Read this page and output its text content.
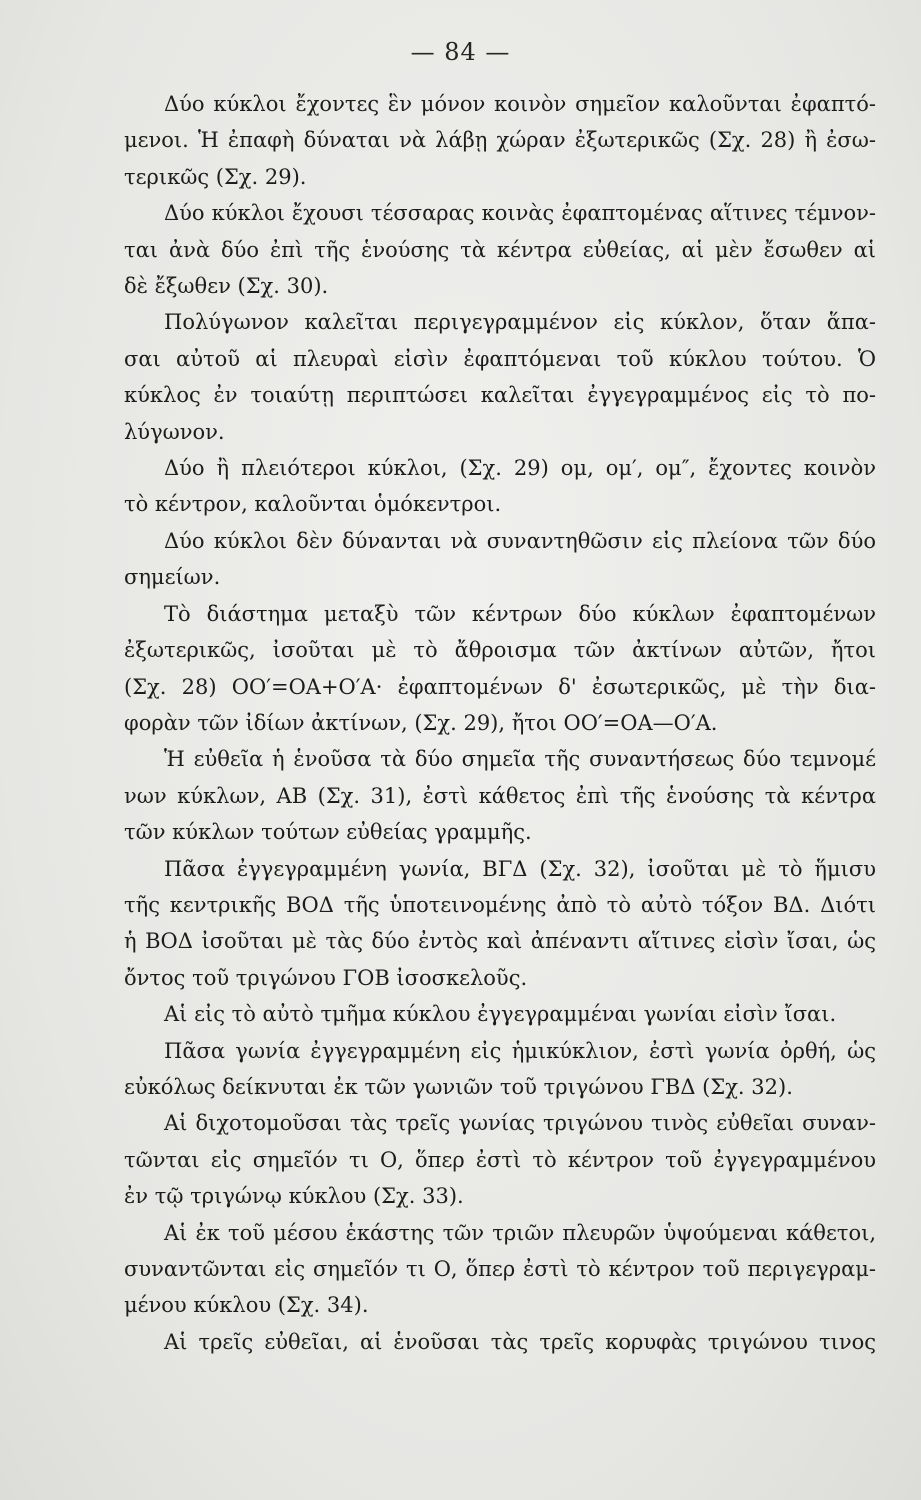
— 84 —

Δύο κύκλοι ἔχοντες ἓν μόνον κοινὸν σημεῖον καλοῦνται ἐφαπτό-

μενοι. Ἡ ἐπαφὴ δύναται νὰ λάβῃ χώραν ἐξωτερικῶς (Σχ. 28) ἢ ἐσω-

τερικῶς (Σχ. 29).

Δύο κύκλοι ἔχουσι τέσσαρας κοινὰς ἐφαπτομένας αἵτινες τέμνον-

ται ἀνὰ δύο ἐπὶ τῆς ἑνούσης τὰ κέντρα εὐθείας, αἱ μὲν ἔσωθεν αἱ

δὲ ἔξωθεν (Σχ. 30).

Πολύγωνον καλεῖται περιγεγραμμένον εἰς κύκλον, ὅταν ἅπα-

σαι αὐτοῦ αἱ πλευραὶ εἰσὶν ἐφαπτόμεναι τοῦ κύκλου τούτου. Ὁ

κύκλος ἐν τοιαύτῃ περιπτώσει καλεῖται ἐγγεγραμμένος εἰς τὸ πο-

λύγωνον.

Δύο ἢ πλειότεροι κύκλοι, (Σχ. 29) ομ, ομ′, ομ″, ἔχοντες κοινὸν

τὸ κέντρον, καλοῦνται ὁμόκεντροι.

Δύο κύκλοι δὲν δύνανται νὰ συναντηθῶσιν εἰς πλείονα τῶν δύο

σημείων.

Τὸ διάστημα μεταξὺ τῶν κέντρων δύο κύκλων ἐφαπτομένων

ἐξωτερικῶς, ἰσοῦται μὲ τὸ ἄθροισμα τῶν ἀκτίνων αὐτῶν, ἤτοι

(Σχ. 28) ΟΟ′=ΟΑ+Ο′Α· ἐφαπτομένων δ' ἐσωτερικῶς, μὲ τὴν δια-

φορὰν τῶν ἰδίων ἀκτίνων, (Σχ. 29), ἤτοι ΟΟ′=ΟΑ—Ο′Α.

Ἡ εὐθεῖα ἡ ἑνοῦσα τὰ δύο σημεῖα τῆς συναντήσεως δύο τεμνομέ

νων κύκλων, ΑΒ (Σχ. 31), ἐστὶ κάθετος ἐπὶ τῆς ἑνούσης τὰ κέντρα

τῶν κύκλων τούτων εὐθείας γραμμῆς.

Πᾶσα ἐγγεγραμμένη γωνία, ΒΓΔ (Σχ. 32), ἰσοῦται μὲ τὸ ἥμισυ

τῆς κεντρικῆς ΒΟΔ τῆς ὑποτεινομένης ἀπὸ τὸ αὐτὸ τόξον ΒΔ. Διότι

ἡ ΒΟΔ ἰσοῦται μὲ τὰς δύο ἐντὸς καὶ ἀπέναντι αἵτινες εἰσὶν ἴσαι, ὡς

ὄντος τοῦ τριγώνου ΓΟΒ ἰσοσκελοῦς.

Αἱ εἰς τὸ αὐτὸ τμῆμα κύκλου ἐγγεγραμμέναι γωνίαι εἰσὶν ἴσαι.

Πᾶσα γωνία ἐγγεγραμμένη εἰς ἡμικύκλιον, ἐστὶ γωνία ὀρθή, ὡς

εὐκόλως δείκνυται ἐκ τῶν γωνιῶν τοῦ τριγώνου ΓΒΔ (Σχ. 32).

Αἱ διχοτομοῦσαι τὰς τρεῖς γωνίας τριγώνου τινὸς εὐθεῖαι συναν-

τῶνται εἰς σημεῖόν τι Ο, ὅπερ ἐστὶ τὸ κέντρον τοῦ ἐγγεγραμμένου

ἐν τῷ τριγώνῳ κύκλου (Σχ. 33).

Αἱ ἐκ τοῦ μέσου ἑκάστης τῶν τριῶν πλευρῶν ὑψούμεναι κάθετοι,

συναντῶνται εἰς σημεῖόν τι Ο, ὅπερ ἐστὶ τὸ κέντρον τοῦ περιγεγραμ-

μένου κύκλου (Σχ. 34).

Αἱ τρεῖς εὐθεῖαι, αἱ ἑνοῦσαι τὰς τρεῖς κορυφὰς τριγώνου τινος
